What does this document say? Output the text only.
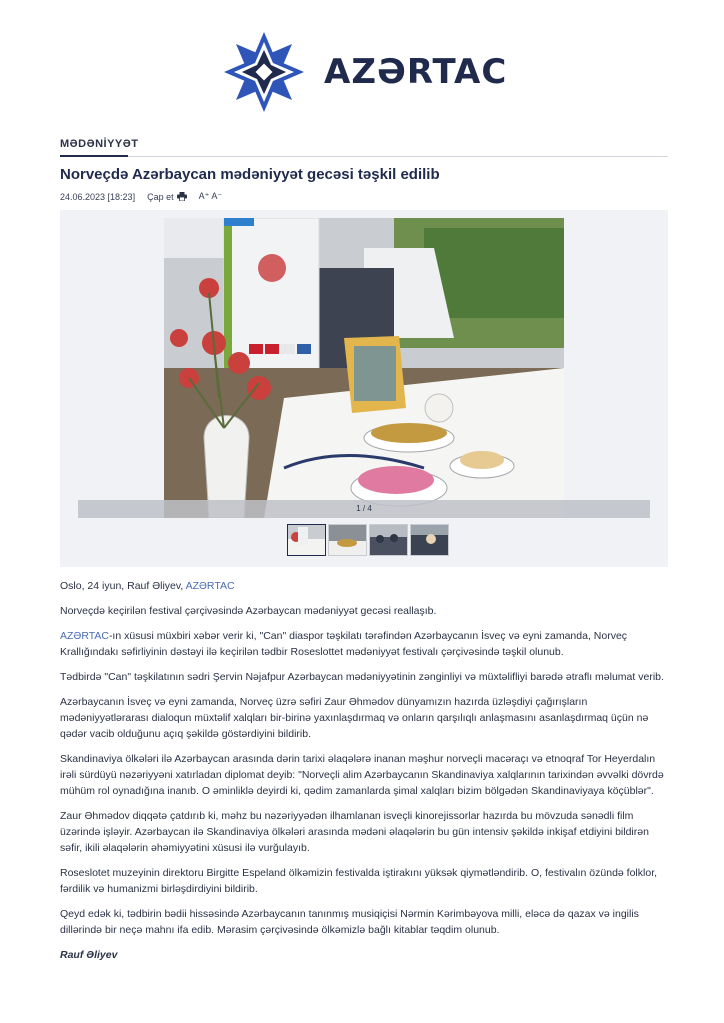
AZƏRTAC
MƏDƏNİYYƏT
Norveçdə Azərbaycan mədəniyyət gecəsi təşkil edilib
24.06.2023 [18:23] Çap et	A⁺ A⁻
1 / 4

Oslo, 24 iyun, Rauf Əliyev, AZƏRTAC

Norveçdə keçirilən festival çərçivəsində Azərbaycan mədəniyyət gecəsi reallaşıb.

AZƏRTAC-ın xüsusi müxbiri xəbər verir ki, "Can" diaspor təşkilatı tərəfindən Azərbaycanın İsveç və eyni zamanda, Norveç Krallığındakı səfirliyinin dəstəyi ilə keçirilən tədbir Roseslottet mədəniyyət festivalı çərçivəsində təşkil olunub.

Tədbirdə "Can" təşkilatının sədri Şervin Nəjafpur Azərbaycan mədəniyyətinin zənginliyi və müxtəlifliyi barədə ətraflı məlumat verib.

Azərbaycanın İsveç və eyni zamanda, Norveç üzrə səfiri Zaur Əhmədov dünyamızın hazırda üzləşdiyi çağırışların mədəniyyətlərarası dialoqun müxtəlif xalqları bir-birinə yaxınlaşdırmaq və onların qarşılıqlı anlaşmasını asanlaşdırmaq üçün nə qədər vacib olduğunu açıq şəkildə göstərdiyini bildirib.

Skandinaviya ölkələri ilə Azərbaycan arasında dərin tarixi əlaqələrə inanan məşhur norveçli macəraçı və etnoqraf Tor Heyerdalın irəli sürdüyü nəzəriyyəni xatırladan diplomat deyib: "Norveçli alim Azərbaycanın Skandinaviya xalqlarının tarixindən əvvəlki dövrdə mühüm rol oynadığına inanıb. O əminliklə deyirdi ki, qədim zamanlarda şimal xalqları bizim bölgədən Skandinaviyaya köçüblər".

Zaur Əhmədov diqqətə çatdırıb ki, məhz bu nəzəriyyədən ilhamlanan isveçli kinorejissorlar hazırda bu mövzuda sənədli film üzərində işləyir. Azərbaycan ilə Skandinaviya ölkələri arasında mədəni əlaqələrin bu gün intensiv şəkildə inkişaf etdiyini bildirən səfir, ikili əlaqələrin əhəmiyyətini xüsusi ilə vurğulayıb.

Roseslotet muzeyinin direktoru Birgitte Espeland ölkəmizin festivalda iştirakını yüksək qiymətləndirib. O, festivalın özündə folklor, fərdilik və humanizmi birləşdirdiyini bildirib.

Qeyd edək ki, tədbirin bədii hissəsində Azərbaycanın tanınmış musiqiçisi Nərmin Kərimbəyova milli, eləcə də qazax və ingilis dillərində bir neçə mahnı ifa edib. Mərasim çərçivəsində ölkəmizlə bağlı kitablar təqdim olunub.

Rauf Əliyev
